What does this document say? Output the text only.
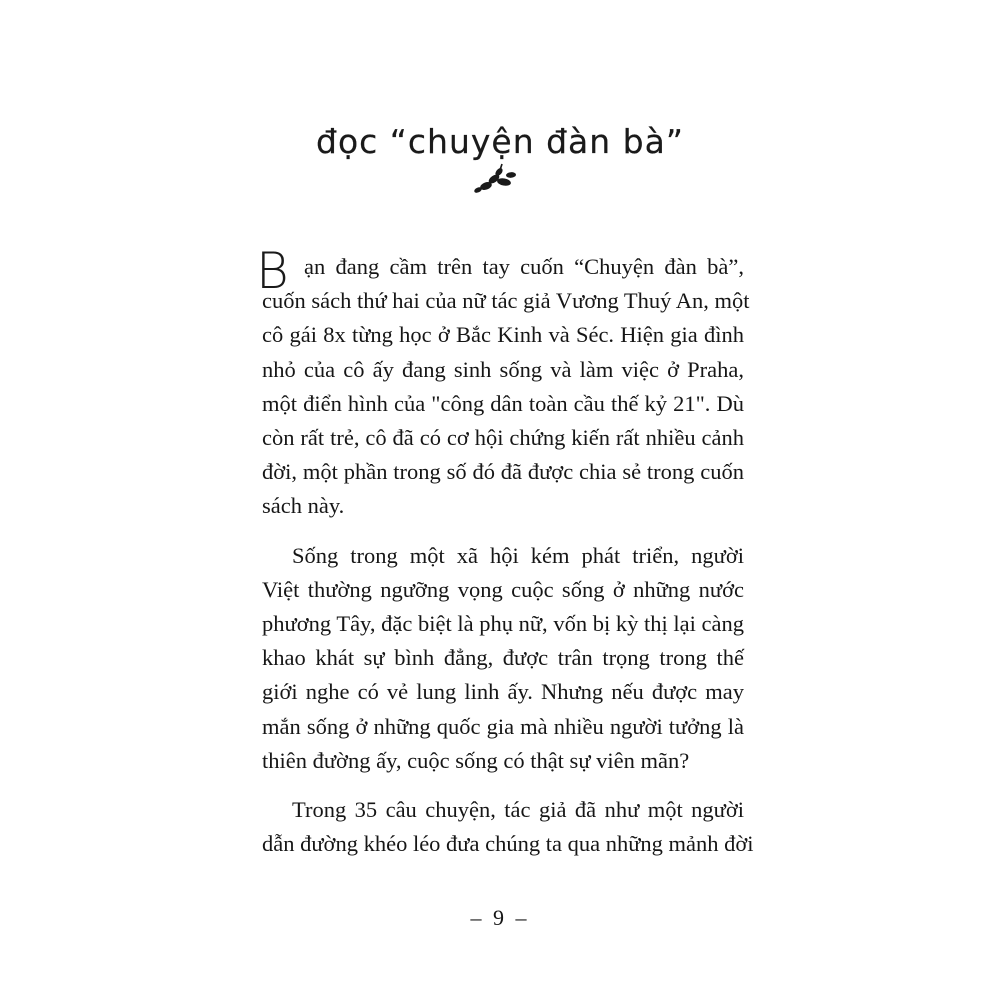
đọc “chuyện đàn bà”
B ạn đang cầm trên tay cuốn “Chuyện đàn bà”,
cuốn sách thứ hai của nữ tác giả Vương Thuý An, một
cô gái 8x từng học ở Bắc Kinh và Séc. Hiện gia đình
nhỏ của cô ấy đang sinh sống và làm việc ở Praha,
một điển hình của "công dân toàn cầu thế kỷ 21". Dù
còn rất trẻ, cô đã có cơ hội chứng kiến rất nhiều cảnh
đời, một phần trong số đó đã được chia sẻ trong cuốn
sách này.
Sống trong một xã hội kém phát triển, người
Việt thường ngưỡng vọng cuộc sống ở những nước
phương Tây, đặc biệt là phụ nữ, vốn bị kỳ thị lại càng
khao khát sự bình đẳng, được trân trọng trong thế
giới nghe có vẻ lung linh ấy. Nhưng nếu được may
mắn sống ở những quốc gia mà nhiều người tưởng là
thiên đường ấy, cuộc sống có thật sự viên mãn?
Trong 35 câu chuyện, tác giả đã như một người
dẫn đường khéo léo đưa chúng ta qua những mảnh đời
– 9 –
